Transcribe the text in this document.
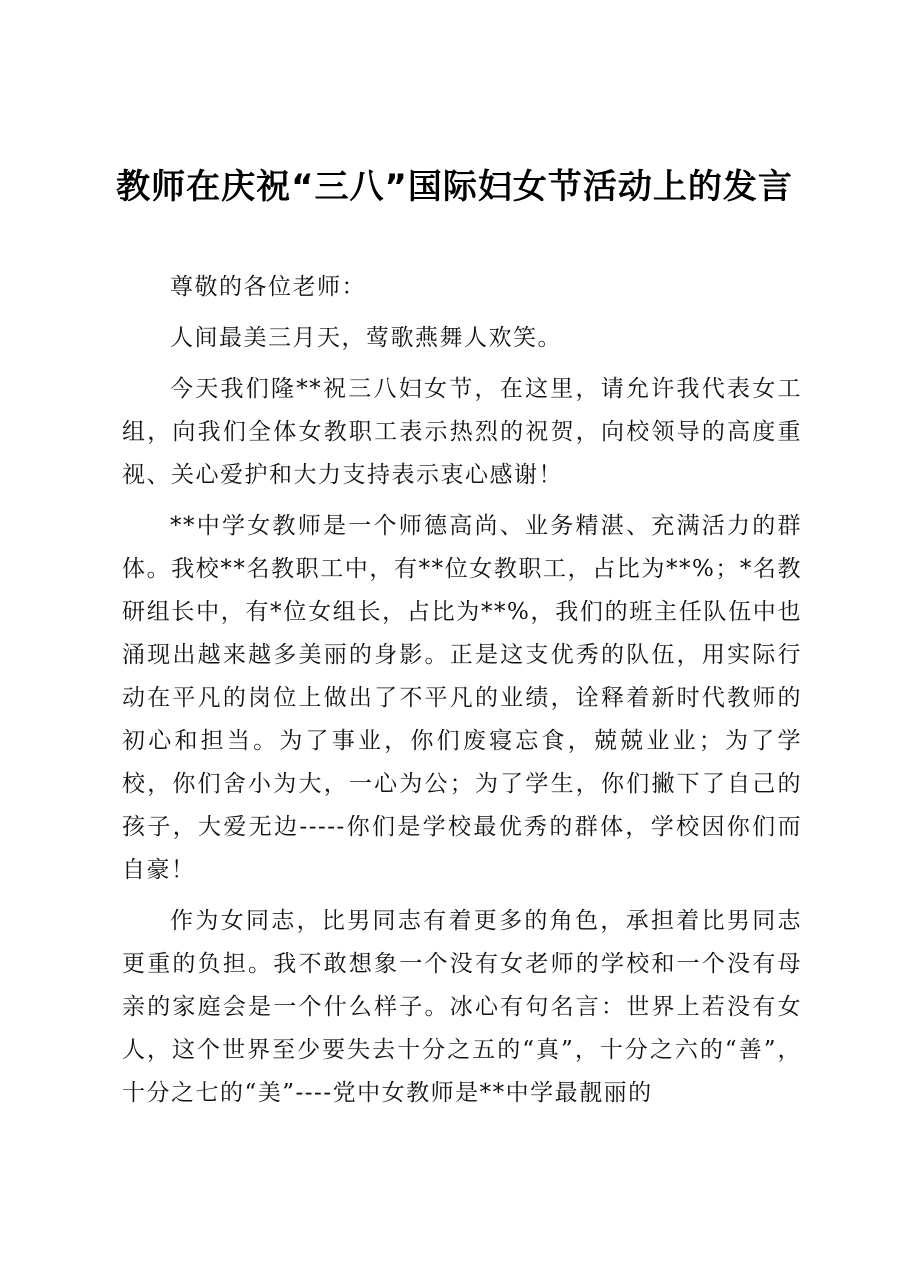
教师在庆祝“三八”国际妇女节活动上的发言

尊敬的各位老师：

人间最美三月天，莺歌燕舞人欢笑。

今天我们隆**祝三八妇女节，在这里，请允许我代表女工组，向我们全体女教职工表示热烈的祝贺，向校领导的高度重视、关心爱护和大力支持表示衷心感谢！

**中学女教师是一个师德高尚、业务精湛、充满活力的群体。我校**名教职工中，有**位女教职工，占比为**%；*名教研组长中，有*位女组长，占比为**%，我们的班主任队伍中也涌现出越来越多美丽的身影。正是这支优秀的队伍，用实际行动在平凡的岗位上做出了不平凡的业绩，诠释着新时代教师的初心和担当。为了事业，你们废寝忘食，兢兢业业；为了学校，你们舍小为大，一心为公；为了学生，你们撇下了自己的孩子，大爱无边-----你们是学校最优秀的群体，学校因你们而自豪！

作为女同志，比男同志有着更多的角色，承担着比男同志更重的负担。我不敢想象一个没有女老师的学校和一个没有母亲的家庭会是一个什么样子。冰心有句名言：世界上若没有女人，这个世界至少要失去十分之五的“真”，十分之六的“善”，十分之七的“美”----党中女教师是**中学最靓丽的
